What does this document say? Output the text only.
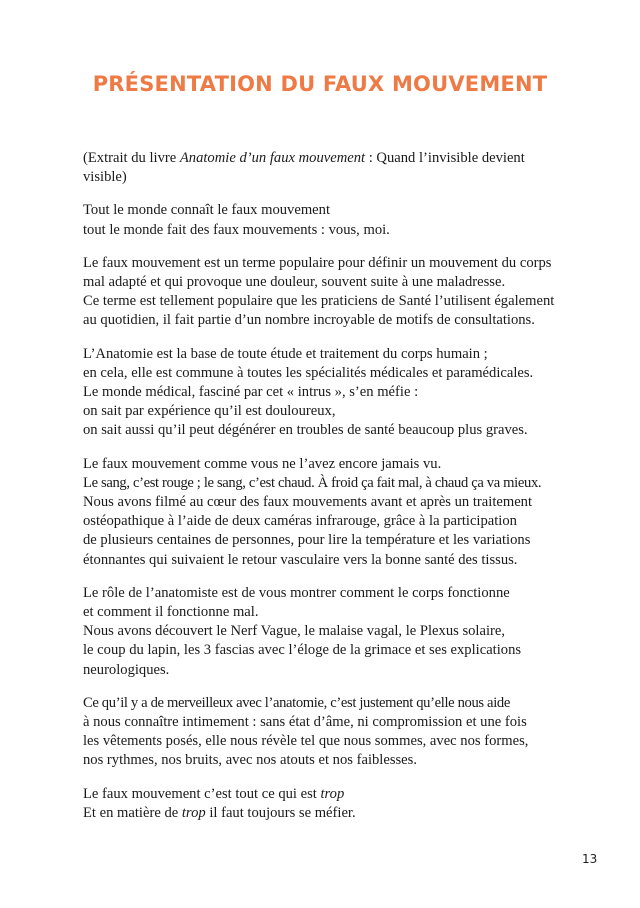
PRÉSENTATION DU FAUX MOUVEMENT

(Extrait du livre Anatomie d’un faux mouvement : Quand l’invisible devient
visible)

Tout le monde connaît le faux mouvement
tout le monde fait des faux mouvements : vous, moi.

Le faux mouvement est un terme populaire pour définir un mouvement du corps
mal adapté et qui provoque une douleur, souvent suite à une maladresse.
Ce terme est tellement populaire que les praticiens de Santé l’utilisent également
au quotidien, il fait partie d’un nombre incroyable de motifs de consultations.

L’Anatomie est la base de toute étude et traitement du corps humain ;
en cela, elle est commune à toutes les spécialités médicales et paramédicales.
Le monde médical, fasciné par cet « intrus », s’en méfie :
on sait par expérience qu’il est douloureux,
on sait aussi qu’il peut dégénérer en troubles de santé beaucoup plus graves.

Le faux mouvement comme vous ne l’avez encore jamais vu.
Le sang, c’est rouge ; le sang, c’est chaud. À froid ça fait mal, à chaud ça va mieux.
Nous avons filmé au cœur des faux mouvements avant et après un traitement
ostéopathique à l’aide de deux caméras infrarouge, grâce à la participation
de plusieurs centaines de personnes, pour lire la température et les variations
étonnantes qui suivaient le retour vasculaire vers la bonne santé des tissus.

Le rôle de l’anatomiste est de vous montrer comment le corps fonctionne
et comment il fonctionne mal.
Nous avons découvert le Nerf Vague, le malaise vagal, le Plexus solaire,
le coup du lapin, les 3 fascias avec l’éloge de la grimace et ses explications
neurologiques.

Ce qu’il y a de merveilleux avec l’anatomie, c’est justement qu’elle nous aide
à nous connaître intimement : sans état d’âme, ni compromission et une fois
les vêtements posés, elle nous révèle tel que nous sommes, avec nos formes,
nos rythmes, nos bruits, avec nos atouts et nos faiblesses.

Le faux mouvement c’est tout ce qui est trop
Et en matière de trop il faut toujours se méfier.

13
